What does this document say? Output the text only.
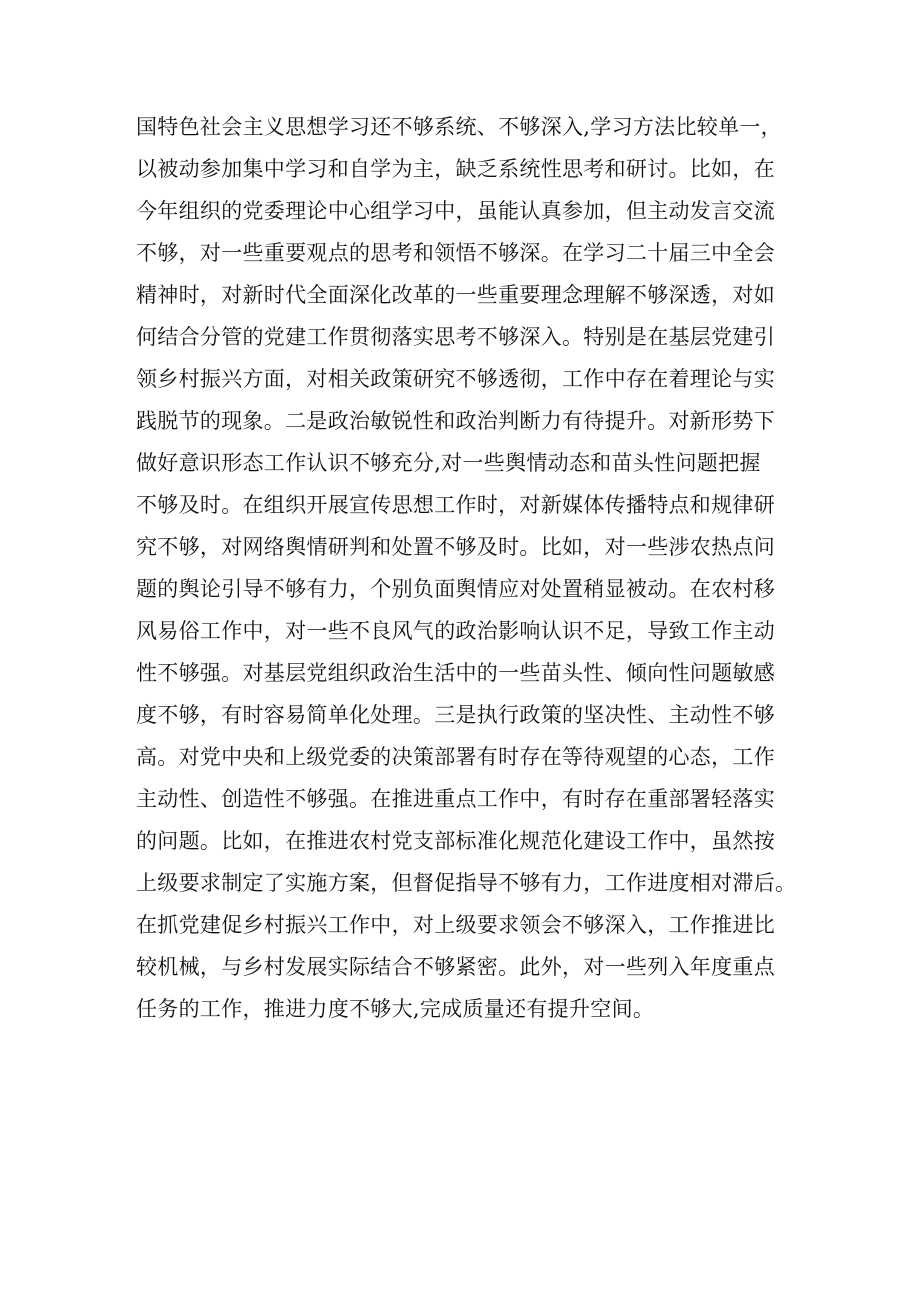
国特色社会主义思想学习还不够系统、不够深入,学习方法比较单一，
以被动参加集中学习和自学为主，缺乏系统性思考和研讨。比如，在
今年组织的党委理论中心组学习中，虽能认真参加，但主动发言交流
不够，对一些重要观点的思考和领悟不够深。在学习二十届三中全会
精神时，对新时代全面深化改革的一些重要理念理解不够深透，对如
何结合分管的党建工作贯彻落实思考不够深入。特别是在基层党建引
领乡村振兴方面，对相关政策研究不够透彻，工作中存在着理论与实
践脱节的现象。二是政治敏锐性和政治判断力有待提升。对新形势下
做好意识形态工作认识不够充分,对一些舆情动态和苗头性问题把握
不够及时。在组织开展宣传思想工作时，对新媒体传播特点和规律研
究不够，对网络舆情研判和处置不够及时。比如，对一些涉农热点问
题的舆论引导不够有力，个别负面舆情应对处置稍显被动。在农村移
风易俗工作中，对一些不良风气的政治影响认识不足，导致工作主动
性不够强。对基层党组织政治生活中的一些苗头性、倾向性问题敏感
度不够，有时容易简单化处理。三是执行政策的坚决性、主动性不够
高。对党中央和上级党委的决策部署有时存在等待观望的心态，工作
主动性、创造性不够强。在推进重点工作中，有时存在重部署轻落实
的问题。比如，在推进农村党支部标准化规范化建设工作中，虽然按
上级要求制定了实施方案，但督促指导不够有力，工作进度相对滞后。
在抓党建促乡村振兴工作中，对上级要求领会不够深入，工作推进比
较机械，与乡村发展实际结合不够紧密。此外，对一些列入年度重点
任务的工作，推进力度不够大,完成质量还有提升空间。
